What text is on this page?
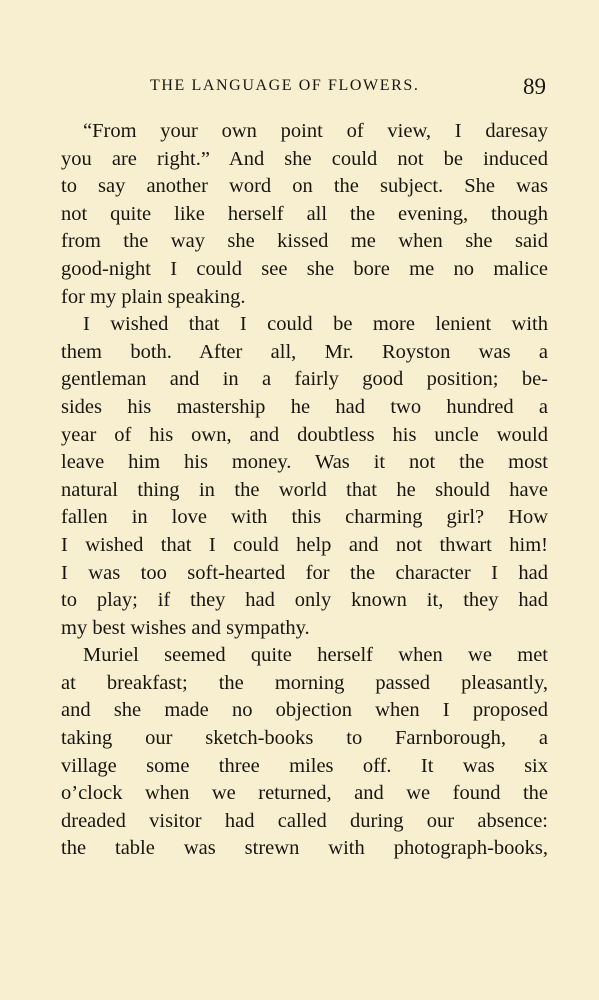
THE LANGUAGE OF FLOWERS.	89
“From your own point of view, I daresay
you are right.” And she could not be induced
to say another word on the subject. She was
not quite like herself all the evening, though
from the way she kissed me when she said
good-night I could see she bore me no malice
for my plain speaking.
I wished that I could be more lenient with
them both. After all, Mr. Royston was a
gentleman and in a fairly good position; be-
sides his mastership he had two hundred a
year of his own, and doubtless his uncle would
leave him his money. Was it not the most
natural thing in the world that he should have
fallen in love with this charming girl? How
I wished that I could help and not thwart him!
I was too soft-hearted for the character I had
to play; if they had only known it, they had
my best wishes and sympathy.
Muriel seemed quite herself when we met
at breakfast; the morning passed pleasantly,
and she made no objection when I proposed
taking our sketch-books to Farnborough, a
village some three miles off. It was six
o’clock when we returned, and we found the
dreaded visitor had called during our absence:
the table was strewn with photograph-books,
